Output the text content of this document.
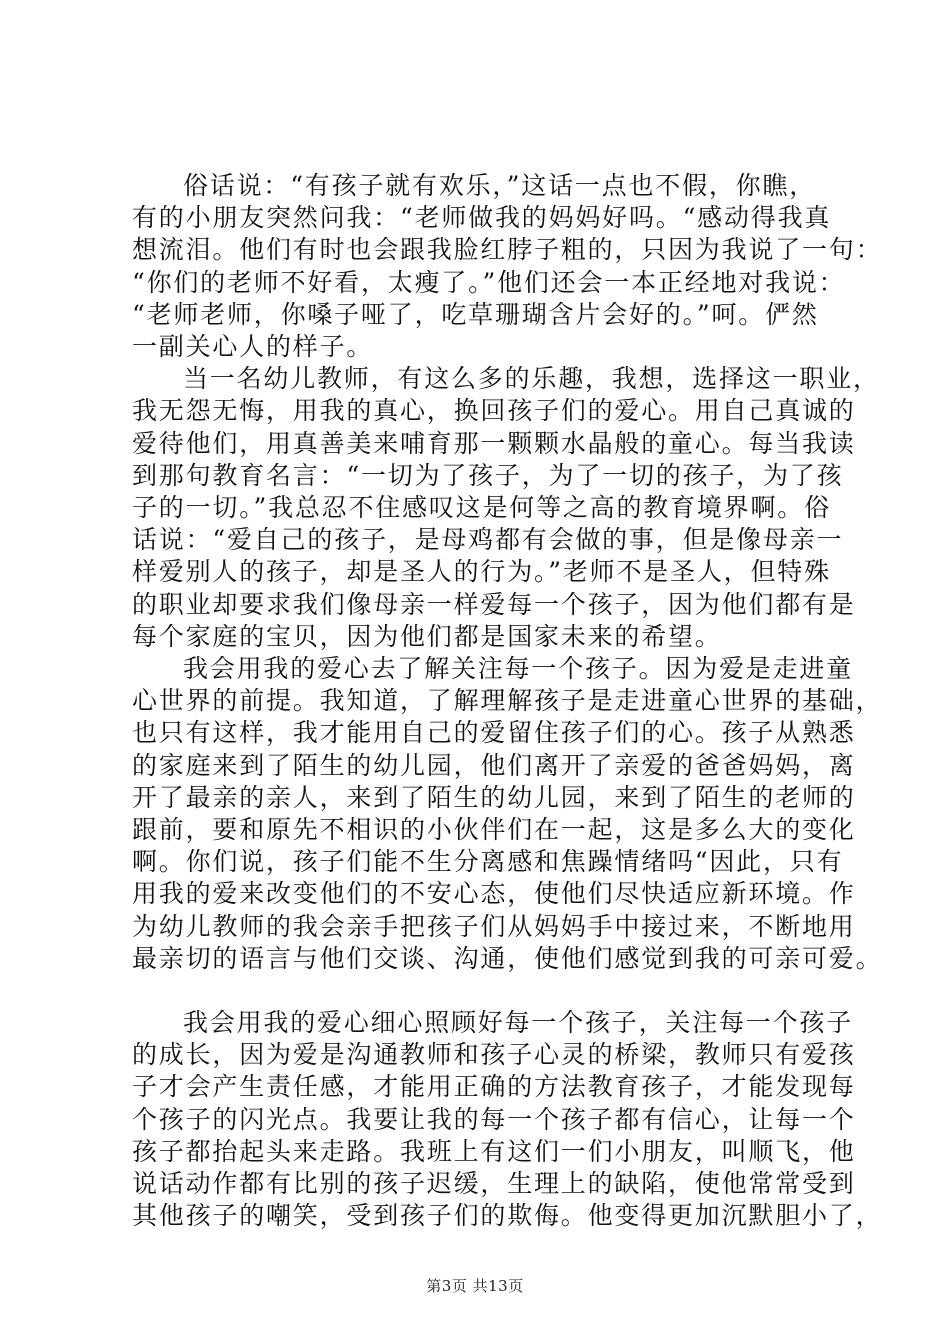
俗话说：“有孩子就有欢乐，”这话一点也不假，你瞧，
有的小朋友突然问我：“老师做我的妈妈好吗。“感动得我真
想流泪。他们有时也会跟我脸红脖子粗的，只因为我说了一句：
“你们的老师不好看，太瘦了。”他们还会一本正经地对我说：
“老师老师，你嗓子哑了，吃草珊瑚含片会好的。”呵。俨然
一副关心人的样子。
当一名幼儿教师，有这么多的乐趣，我想，选择这一职业，
我无怨无悔，用我的真心，换回孩子们的爱心。用自己真诚的
爱待他们，用真善美来哺育那一颗颗水晶般的童心。每当我读
到那句教育名言：“一切为了孩子，为了一切的孩子，为了孩
子的一切。”我总忍不住感叹这是何等之高的教育境界啊。俗
话说：“爱自己的孩子，是母鸡都有会做的事，但是像母亲一
样爱别人的孩子，却是圣人的行为。”老师不是圣人，但特殊
的职业却要求我们像母亲一样爱每一个孩子，因为他们都有是
每个家庭的宝贝，因为他们都是国家未来的希望。
我会用我的爱心去了解关注每一个孩子。因为爱是走进童
心世界的前提。我知道，了解理解孩子是走进童心世界的基础，
也只有这样，我才能用自己的爱留住孩子们的心。孩子从熟悉
的家庭来到了陌生的幼儿园，他们离开了亲爱的爸爸妈妈，离
开了最亲的亲人，来到了陌生的幼儿园，来到了陌生的老师的
跟前，要和原先不相识的小伙伴们在一起，这是多么大的变化
啊。你们说，孩子们能不生分离感和焦躁情绪吗“因此，只有
用我的爱来改变他们的不安心态，使他们尽快适应新环境。作
为幼儿教师的我会亲手把孩子们从妈妈手中接过来，不断地用
最亲切的语言与他们交谈、沟通，使他们感觉到我的可亲可爱。
我会用我的爱心细心照顾好每一个孩子，关注每一个孩子
的成长，因为爱是沟通教师和孩子心灵的桥梁，教师只有爱孩
子才会产生责任感，才能用正确的方法教育孩子，才能发现每
个孩子的闪光点。我要让我的每一个孩子都有信心，让每一个
孩子都抬起头来走路。我班上有这们一们小朋友，叫顺飞，他
说话动作都有比别的孩子迟缓，生理上的缺陷，使他常常受到
其他孩子的嘲笑，受到孩子们的欺侮。他变得更加沉默胆小了，
第3页 共13页
